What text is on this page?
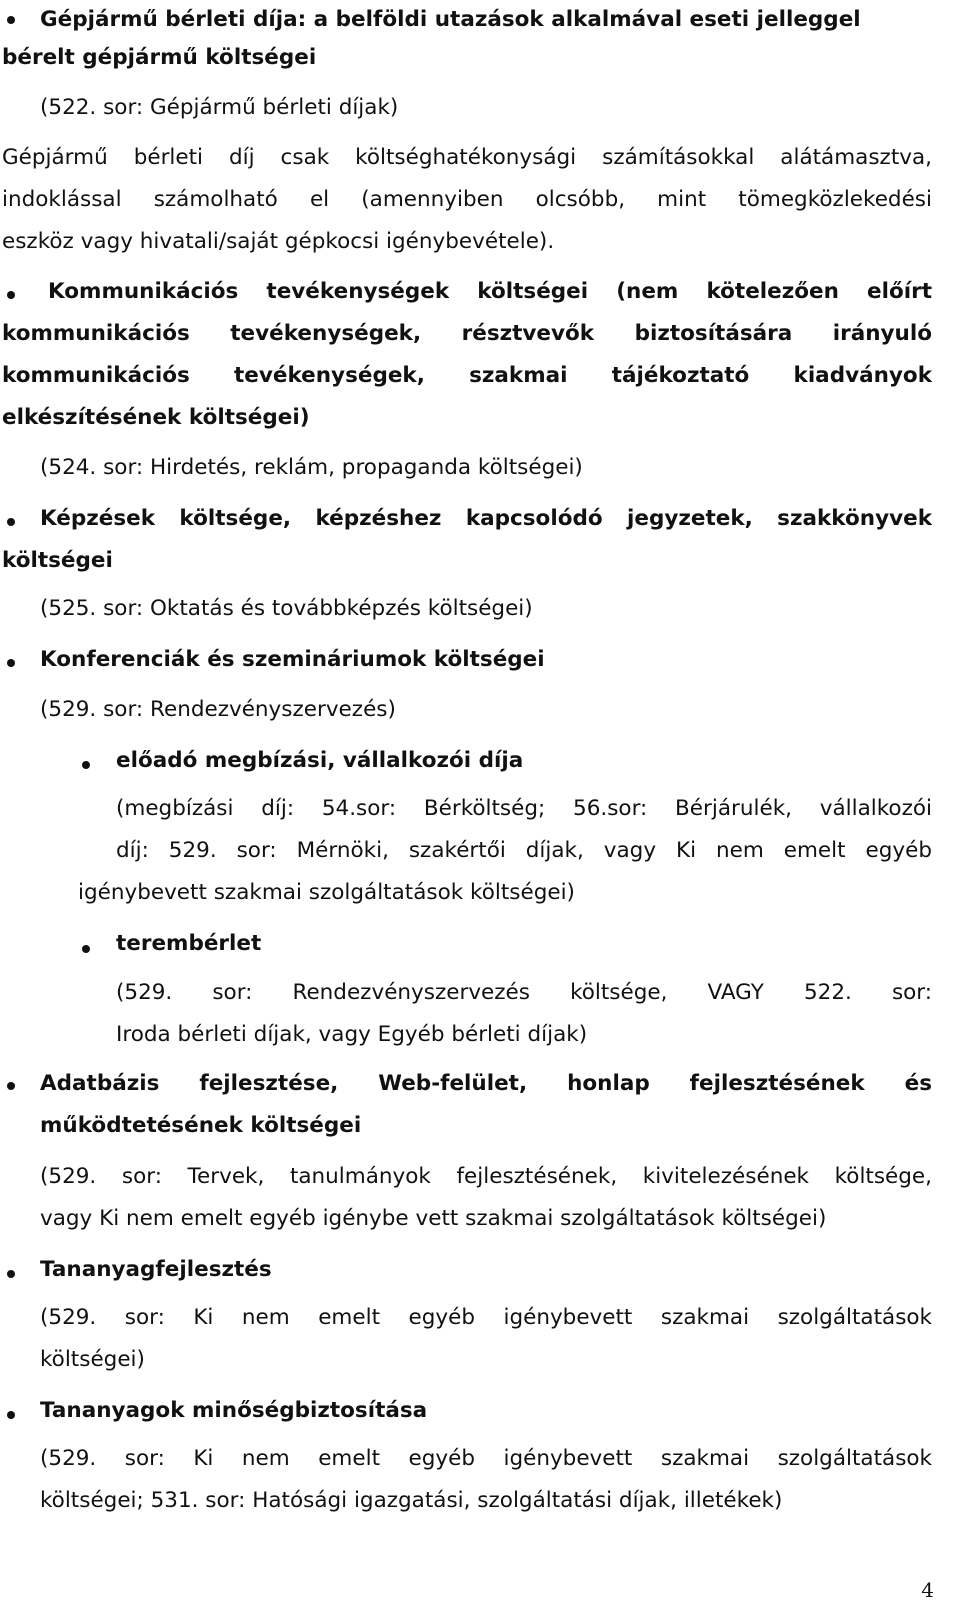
Gépjármű bérleti díja: a belföldi utazások alkalmával eseti jelleggel
bérelt gépjármű költségei
(522. sor: Gépjármű bérleti díjak)
Gépjármű bérleti díj csak költséghatékonysági számításokkal alátámasztva,
indoklással számolható el (amennyiben olcsóbb, mint tömegközlekedési
eszköz vagy hivatali/saját gépkocsi igénybevétele).
Kommunikációs tevékenységek költségei (nem kötelezően előírt
kommunikációs tevékenységek, résztvevők biztosítására irányuló
kommunikációs tevékenységek, szakmai tájékoztató kiadványok
elkészítésének költségei)
(524. sor: Hirdetés, reklám, propaganda költségei)
Képzések költsége, képzéshez kapcsolódó jegyzetek, szakkönyvek
költségei
(525. sor: Oktatás és továbbképzés költségei)
Konferenciák és szemináriumok költségei
(529. sor: Rendezvényszervezés)
előadó megbízási, vállalkozói díja
(megbízási díj: 54.sor: Bérköltség; 56.sor: Bérjárulék, vállalkozói
díj: 529. sor: Mérnöki, szakértői díjak, vagy Ki nem emelt egyéb
igénybevett szakmai szolgáltatások költségei)
terembérlet
(529. sor: Rendezvényszervezés költsége, VAGY 522. sor:
Iroda bérleti díjak, vagy Egyéb bérleti díjak)
Adatbázis fejlesztése, Web-felület, honlap fejlesztésének és
működtetésének költségei
(529. sor: Tervek, tanulmányok fejlesztésének, kivitelezésének költsége,
vagy Ki nem emelt egyéb igénybe vett szakmai szolgáltatások költségei)
Tananyagfejlesztés
(529. sor: Ki nem emelt egyéb igénybevett szakmai szolgáltatások
költségei)
Tananyagok minőségbiztosítása
(529. sor: Ki nem emelt egyéb igénybevett szakmai szolgáltatások
költségei; 531. sor: Hatósági igazgatási, szolgáltatási díjak, illetékek)
4
